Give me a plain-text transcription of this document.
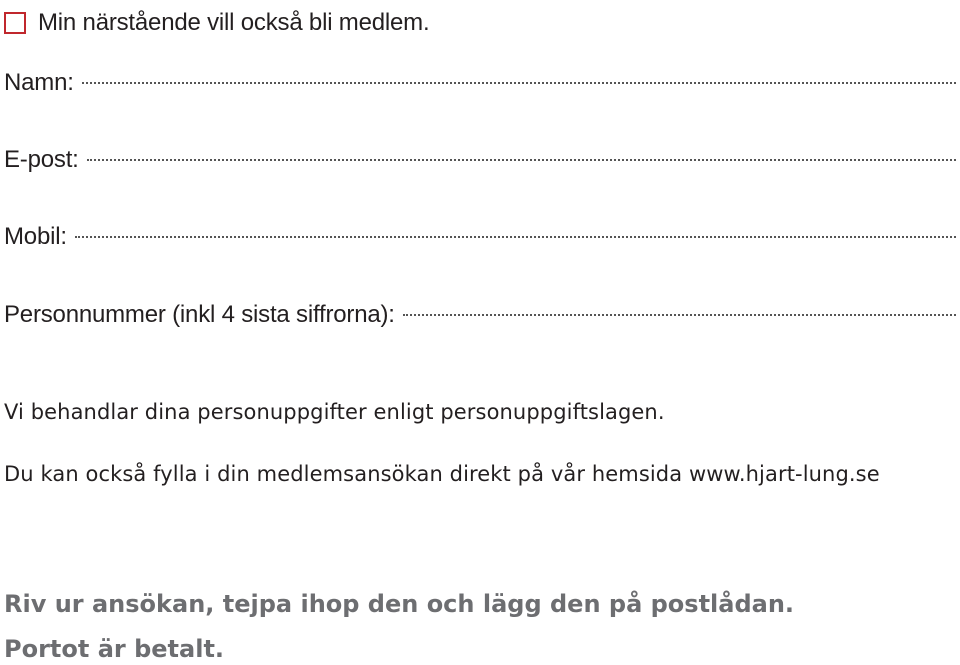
Min närstående vill också bli medlem.
Namn:
E-post:
Mobil:
Personnummer (inkl 4 sista siffrorna):
Vi behandlar dina personuppgifter enligt personuppgiftslagen.
Du kan också fylla i din medlemsansökan direkt på vår hemsida www.hjart-lung.se
Riv ur ansökan, tejpa ihop den och lägg den på postlådan.
Portot är betalt.
